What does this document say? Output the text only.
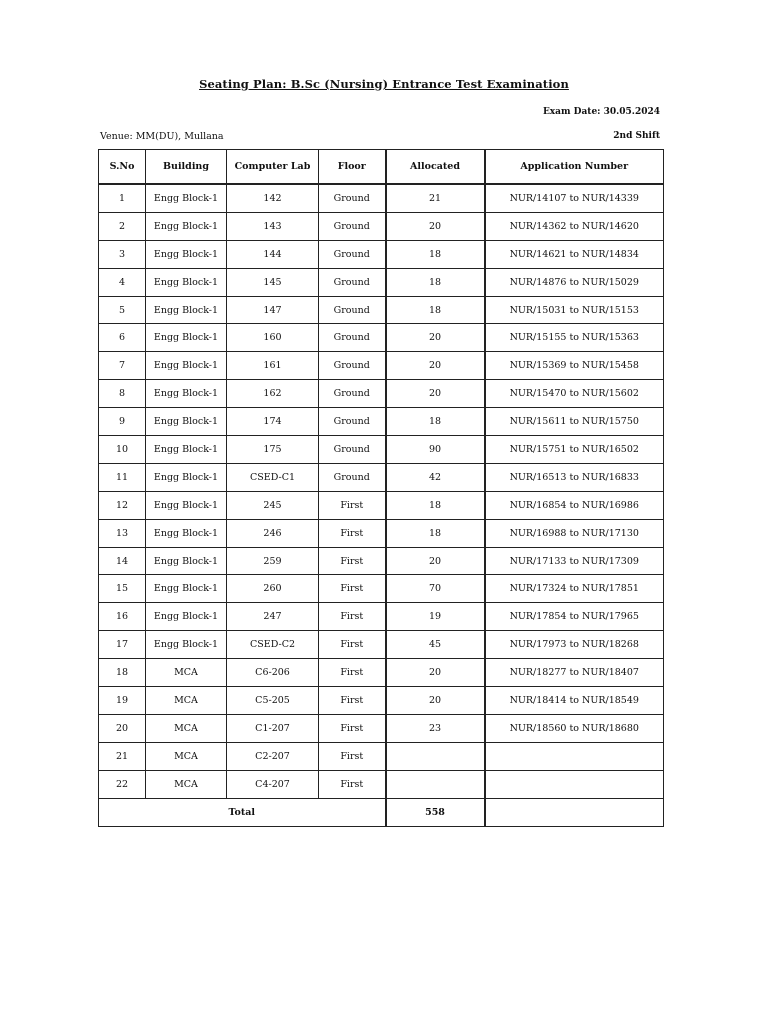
Seating Plan: B.Sc (Nursing) Entrance Test Examination
Exam Date: 30.05.2024
Venue: MM(DU), Mullana	2nd Shift
S.No	Building	Computer Lab	Floor	Allocated	Application Number
1	Engg Block-1	142	Ground	21	NUR/14107 to NUR/14339
2	Engg Block-1	143	Ground	20	NUR/14362 to NUR/14620
3	Engg Block-1	144	Ground	18	NUR/14621 to NUR/14834
4	Engg Block-1	145	Ground	18	NUR/14876 to NUR/15029
5	Engg Block-1	147	Ground	18	NUR/15031 to NUR/15153
6	Engg Block-1	160	Ground	20	NUR/15155 to NUR/15363
7	Engg Block-1	161	Ground	20	NUR/15369 to NUR/15458
8	Engg Block-1	162	Ground	20	NUR/15470 to NUR/15602
9	Engg Block-1	174	Ground	18	NUR/15611 to NUR/15750
10	Engg Block-1	175	Ground	90	NUR/15751 to NUR/16502
11	Engg Block-1	CSED-C1	Ground	42	NUR/16513 to NUR/16833
12	Engg Block-1	245	First	18	NUR/16854 to NUR/16986
13	Engg Block-1	246	First	18	NUR/16988 to NUR/17130
14	Engg Block-1	259	First	20	NUR/17133 to NUR/17309
15	Engg Block-1	260	First	70	NUR/17324 to NUR/17851
16	Engg Block-1	247	First	19	NUR/17854 to NUR/17965
17	Engg Block-1	CSED-C2	First	45	NUR/17973 to NUR/18268
18	MCA	C6-206	First	20	NUR/18277 to NUR/18407
19	MCA	C5-205	First	20	NUR/18414 to NUR/18549
20	MCA	C1-207	First	23	NUR/18560 to NUR/18680
21	MCA	C2-207	First		
22	MCA	C4-207	First		
Total				558	
